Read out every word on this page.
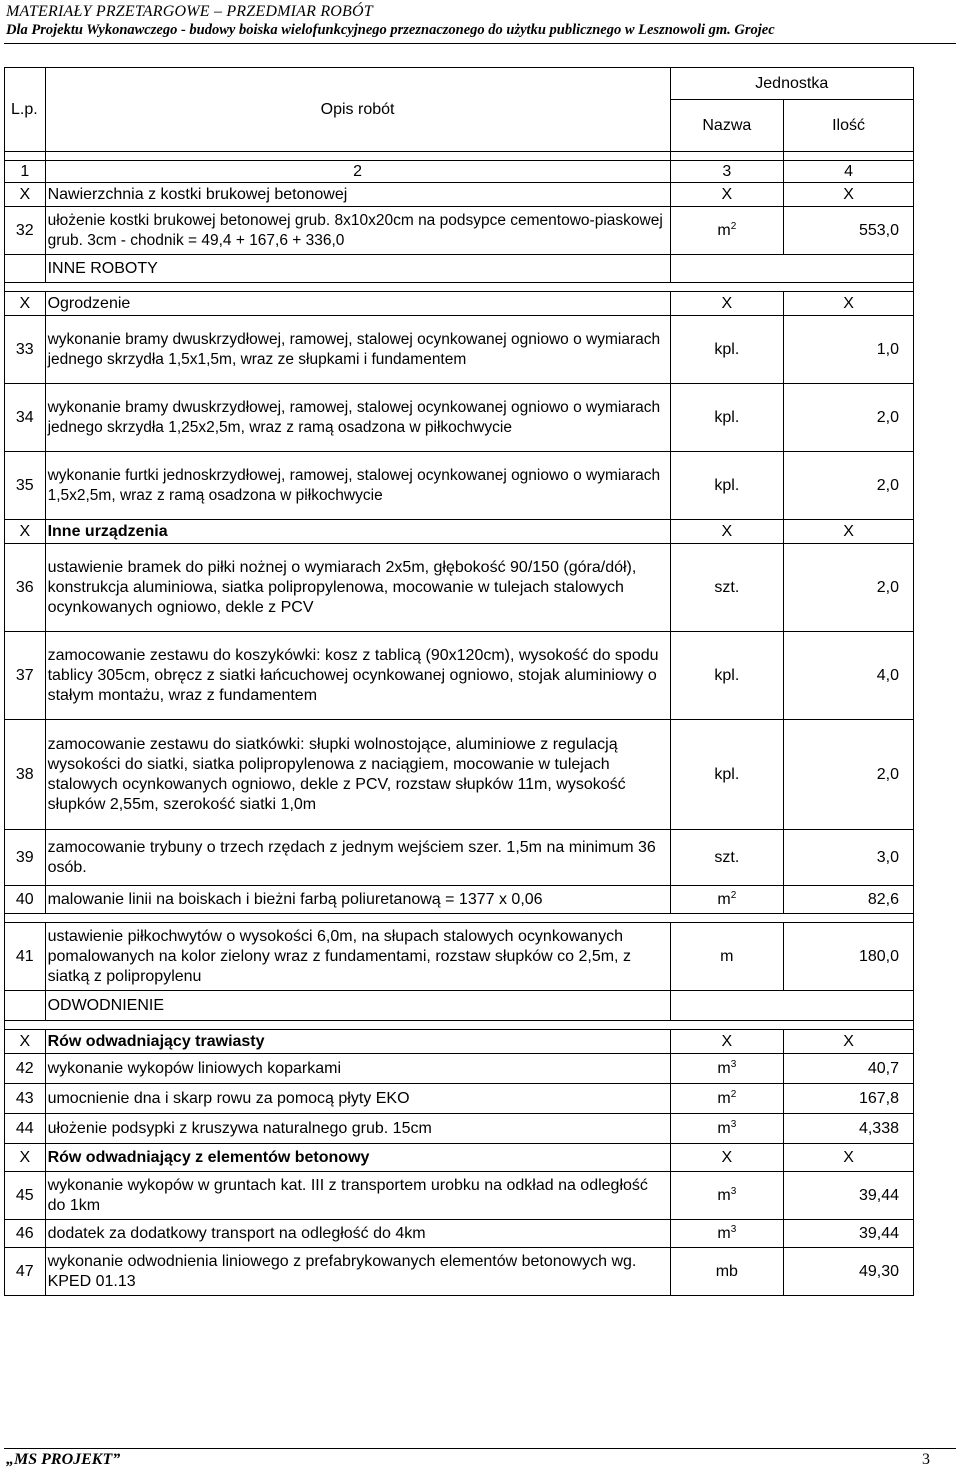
MATERIAŁY PRZETARGOWE – PRZEDMIAR ROBÓT
Dla Projektu Wykonawczego - budowy boiska wielofunkcyjnego przeznaczonego do użytku publicznego w Lesznowoli gm. Grojec
L.p.	Opis robót	Jednostka	
		Nazwa	Ilość

1	2	3	4
X	Nawierzchnia z kostki brukowej betonowej	X	X
32	ułożenie kostki brukowej betonowej grub. 8x10x20cm na podsypce cementowo-piaskowej grub. 3cm - chodnik = 49,4 + 167,6 + 336,0	$m^2$	553,0
	INNE ROBOTY		

X	Ogrodzenie	X	X
33	wykonanie bramy dwuskrzydłowej, ramowej, stalowej ocynkowanej ogniowo o wymiarach jednego skrzydła 1,5x1,5m, wraz ze słupkami i fundamentem	kpl.	1,0
34	wykonanie bramy dwuskrzydłowej, ramowej, stalowej ocynkowanej ogniowo o wymiarach jednego skrzydła 1,25x2,5m, wraz z ramą osadzona w piłkochwycie	kpl.	2,0
35	wykonanie furtki jednoskrzydłowej, ramowej, stalowej ocynkowanej ogniowo o wymiarach 1,5x2,5m, wraz z ramą osadzona w piłkochwycie	kpl.	2,0
X	Inne urządzenia	X	X
36	ustawienie bramek do piłki nożnej o wymiarach 2x5m, głębokość 90/150 (góra/dół), konstrukcja aluminiowa, siatka polipropylenowa, mocowanie w tulejach stalowych ocynkowanych ogniowo, dekle z PCV	szt.	2,0
37	zamocowanie zestawu do koszykówki: kosz z tablicą (90x120cm), wysokość do spodu tablicy 305cm, obręcz z siatki łańcuchowej ocynkowanej ogniowo, stojak aluminiowy o stałym montażu, wraz z fundamentem	kpl.	4,0
38	zamocowanie zestawu do siatkówki: słupki wolnostojące, aluminiowe z regulacją wysokości do siatki, siatka polipropylenowa z naciągiem, mocowanie w tulejach stalowych ocynkowanych ogniowo, dekle z PCV, rozstaw słupków 11m, wysokość słupków 2,55m, szerokość siatki 1,0m	kpl.	2,0
39	zamocowanie trybuny o trzech rzędach z jednym wejściem szer. 1,5m na minimum 36 osób.	szt.	3,0
40	malowanie linii na boiskach i bieżni farbą poliuretanową = 1377 x 0,06	$m^2$	82,6

41	ustawienie piłkochwytów o wysokości 6,0m, na słupach stalowych ocynkowanych pomalowanych na kolor zielony wraz z fundamentami, rozstaw słupków co 2,5m, z siatką z polipropylenu	m	180,0
	ODWODNIENIE		

X	Rów odwadniający trawiasty	X	X
42	wykonanie wykopów liniowych koparkami	$m^3$	40,7
43	umocnienie dna i skarp rowu za pomocą płyty EKO	$m^2$	167,8
44	ułożenie podsypki z kruszywa naturalnego grub. 15cm	$m^3$	4,338
X	Rów odwadniający z elementów betonowy	X	X
45	wykonanie wykopów w gruntach kat. III z transportem urobku na odkład na odległość do 1km	$m^3$	39,44
46	dodatek za dodatkowy transport na odległość do 4km	$m^3$	39,44
47	wykonanie odwodnienia liniowego z prefabrykowanych elementów betonowych wg. KPED 01.13	mb	49,30
„MS PROJEKT”	3
